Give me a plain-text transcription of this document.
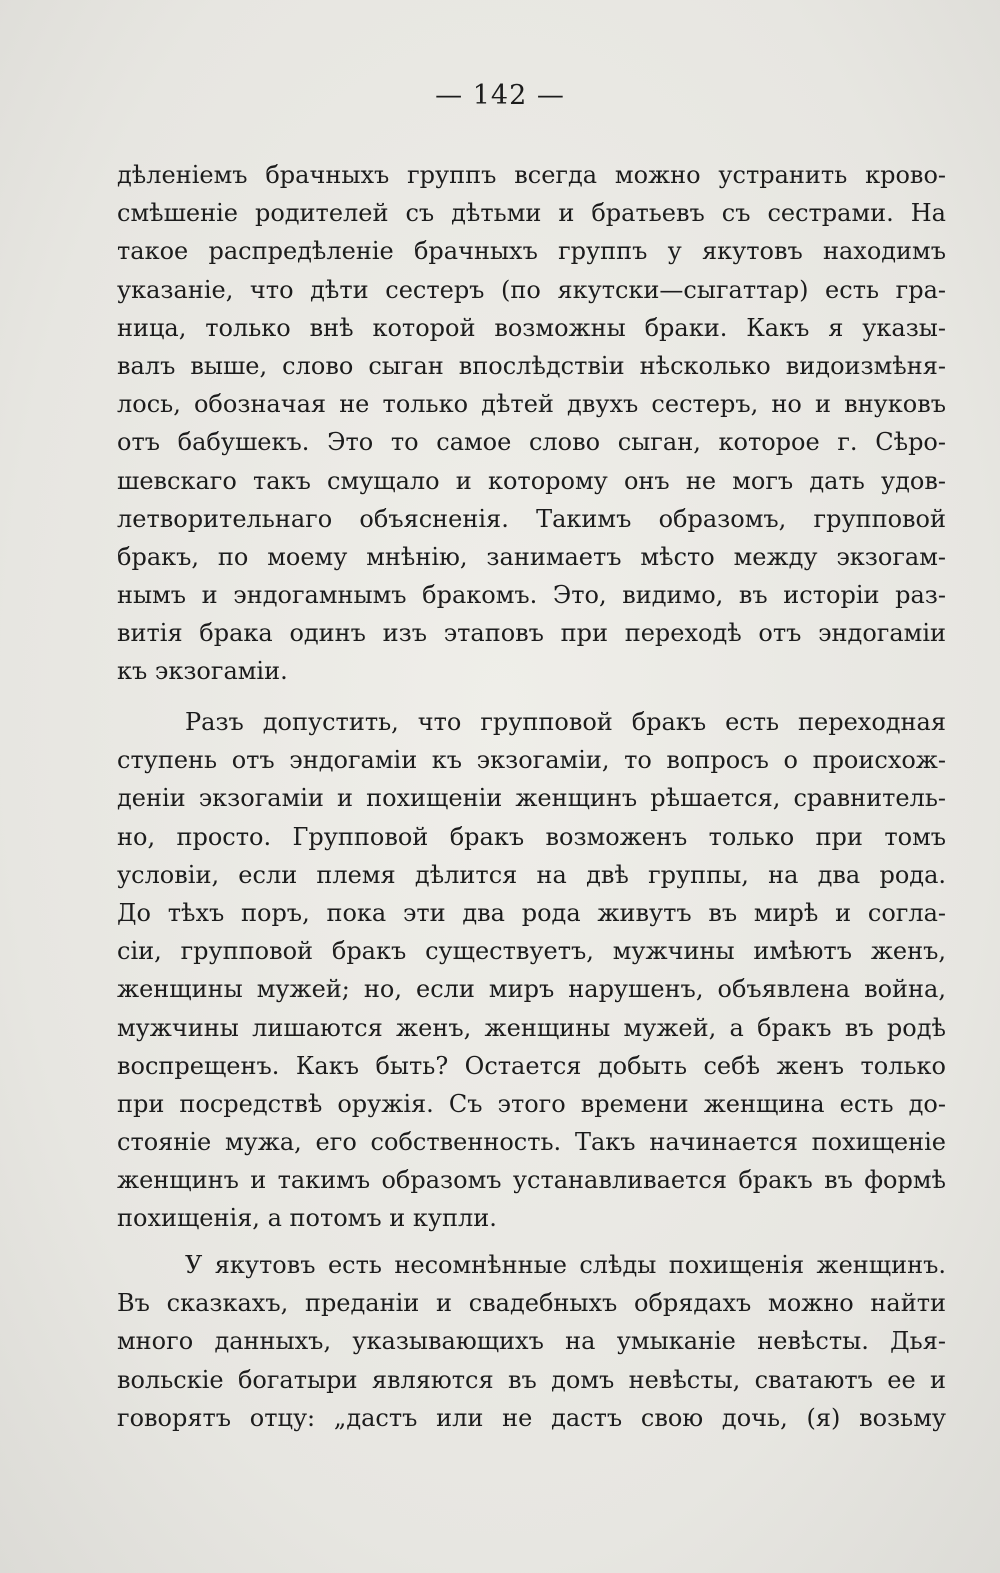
— 142 —
дѣленіемъ брачныхъ группъ всегда можно устранить крово-
смѣшеніе родителей съ дѣтьми и братьевъ съ сестрами. На
такое распредѣленіе брачныхъ группъ у якутовъ находимъ
указаніе, что дѣти сестеръ (по якутски—сыгаттар) есть гра-
ница, только внѣ которой возможны браки. Какъ я указы-
валъ выше, слово сыган впослѣдствіи нѣсколько видоизмѣня-
лось, обозначая не только дѣтей двухъ сестеръ, но и внуковъ
отъ бабушекъ. Это то самое слово сыган, которое г. Сѣро-
шевскаго такъ смущало и которому онъ не могъ дать удов-
летворительнаго объясненія. Такимъ образомъ, групповой
бракъ, по моему мнѣнію, занимаетъ мѣсто между экзогам-
нымъ и эндогамнымъ бракомъ. Это, видимо, въ исторіи раз-
витія брака одинъ изъ этаповъ при переходѣ отъ эндогаміи
къ экзогаміи.
Разъ допустить, что групповой бракъ есть переходная
ступень отъ эндогаміи къ экзогаміи, то вопросъ о происхож-
деніи экзогаміи и похищеніи женщинъ рѣшается, сравнитель-
но, просто. Групповой бракъ возможенъ только при томъ
условіи, если племя дѣлится на двѣ группы, на два рода.
До тѣхъ поръ, пока эти два рода живутъ въ мирѣ и согла-
сіи, групповой бракъ существуетъ, мужчины имѣютъ женъ,
женщины мужей; но, если миръ нарушенъ, объявлена война,
мужчины лишаются женъ, женщины мужей, а бракъ въ родѣ
воспрещенъ. Какъ быть? Остается добыть себѣ женъ только
при посредствѣ оружія. Съ этого времени женщина есть до-
стояніе мужа, его собственность. Такъ начинается похищеніе
женщинъ и такимъ образомъ устанавливается бракъ въ формѣ
похищенія, а потомъ и купли.
У якутовъ есть несомнѣнные слѣды похищенія женщинъ.
Въ сказкахъ, преданіи и свадебныхъ обрядахъ можно найти
много данныхъ, указывающихъ на умыканіе невѣсты. Дья-
вольскіе богатыри являются въ домъ невѣсты, сватаютъ ее и
говорятъ отцу: „дастъ или не дастъ свою дочь, (я) возьму
